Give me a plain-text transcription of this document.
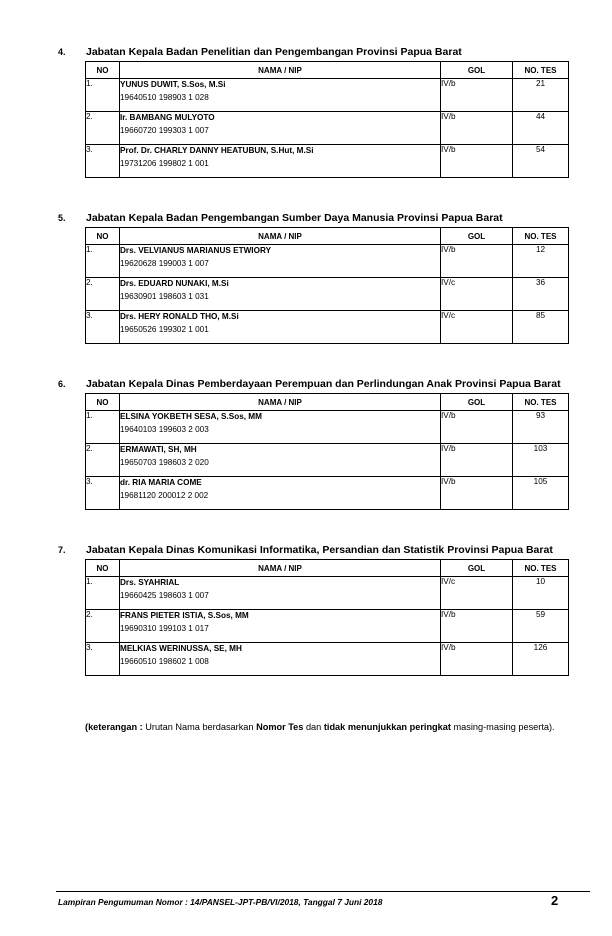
4.	Jabatan Kepala Badan Penelitian dan Pengembangan Provinsi Papua Barat
NO	NAMA / NIP	GOL	NO. TES
1.	YUNUS DUWIT, S.Sos, M.Si
19640510 198903 1 028	IV/b	21
2.	Ir. BAMBANG MULYOTO
19660720 199303 1 007	IV/b	44
3.	Prof. Dr. CHARLY DANNY HEATUBUN, S.Hut, M.Si
19731206 199802 1 001	IV/b	54
5.	Jabatan Kepala Badan Pengembangan Sumber Daya Manusia Provinsi Papua Barat
NO	NAMA / NIP	GOL	NO. TES
1.	Drs. VELVIANUS MARIANUS ETWIORY
19620628 199003 1 007	IV/b	12
2.	Drs. EDUARD NUNAKI, M.Si
19630901 198603 1 031	IV/c	36
3.	Drs. HERY RONALD THO, M.Si
19650526 199302 1 001	IV/c	85
6.	Jabatan Kepala Dinas Pemberdayaan Perempuan dan Perlindungan Anak Provinsi Papua Barat
NO	NAMA / NIP	GOL	NO. TES
1.	ELSINA YOKBETH SESA, S.Sos, MM
19640103 199603 2 003	IV/b	93
2.	ERMAWATI, SH, MH
19650703 198603 2 020	IV/b	103
3.	dr. RIA MARIA COME
19681120 200012 2 002	IV/b	105
7.	Jabatan Kepala Dinas Komunikasi Informatika, Persandian dan Statistik Provinsi Papua Barat
NO	NAMA / NIP	GOL	NO. TES
1.	Drs. SYAHRIAL
19660425 198603 1 007	IV/c	10
2.	FRANS PIETER ISTIA, S.Sos, MM
19690310 199103 1 017	IV/b	59
3.	MELKIAS WERINUSSA, SE, MH
19660510 198602 1 008	IV/b	126
(keterangan : Urutan Nama berdasarkan Nomor Tes dan tidak menunjukkan peringkat masing-masing peserta).
Lampiran Pengumuman Nomor : 14/PANSEL-JPT-PB/VI/2018, Tanggal 7 Juni 2018	2
